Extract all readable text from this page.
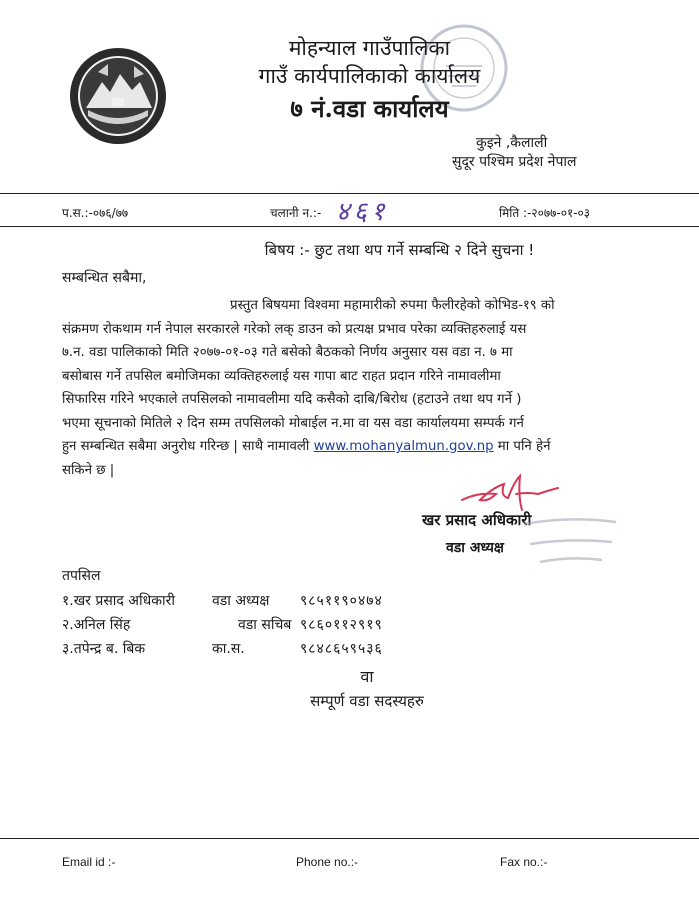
मोहन्याल गाउँपालिका
गाउँ कार्यपालिकाको कार्यालय
७ नं.वडा कार्यालय
कुइने ,कैलाली
सुदूर पश्चिम प्रदेश नेपाल
प.स.:-०७६/७७	चलानी न.:- ४६१	मिति :-२०७७-०१-०३
बिषय :- छुट तथा थप गर्ने सम्बन्धि २ दिने सुचना !
सम्बन्धित सबैमा,
प्रस्तुत बिषयमा विश्वमा महामारीको रुपमा फैलीरहेको कोभिड-१९ को
संक्रमण रोकथाम गर्न नेपाल सरकारले गरेको लक् डाउन को प्रत्यक्ष प्रभाव परेका व्यक्तिहरुलाई यस
७.न. वडा पालिकाको मिति २०७७-०१-०३ गते बसेको बैठकको निर्णय अनुसार यस वडा न. ७ मा
बसोबास गर्ने तपसिल बमोजिमका व्यक्तिहरुलाई यस गापा बाट राहत प्रदान गरिने नामावलीमा
सिफारिस गरिने भएकाले तपसिलको नामावलीमा यदि कसैको दाबि/बिरोध (हटाउने तथा थप गर्ने )
भएमा सूचनाको मितिले २ दिन सम्म तपसिलको मोबाईल न.मा वा यस वडा कार्यालयमा सम्पर्क गर्न
हुन सम्बन्धित सबैमा अनुरोध गरिन्छ | साथै नामावली www.mohanyalmun.gov.np मा पनि हेर्न
सकिने छ |
खर प्रसाद अधिकारी
वडा अध्यक्ष
तपसिल
१.खर प्रसाद अधिकारी	वडा अध्यक्ष ९८५११९०४७४
२.अनिल सिंह	वडा सचिब ९८६०११२९१९
३.तपेन्द्र ब. बिक	का.स.	९८४८६५९५३६
वा
सम्पूर्ण वडा सदस्यहरु
Email id :-	Phone no.:-	Fax no.:-
